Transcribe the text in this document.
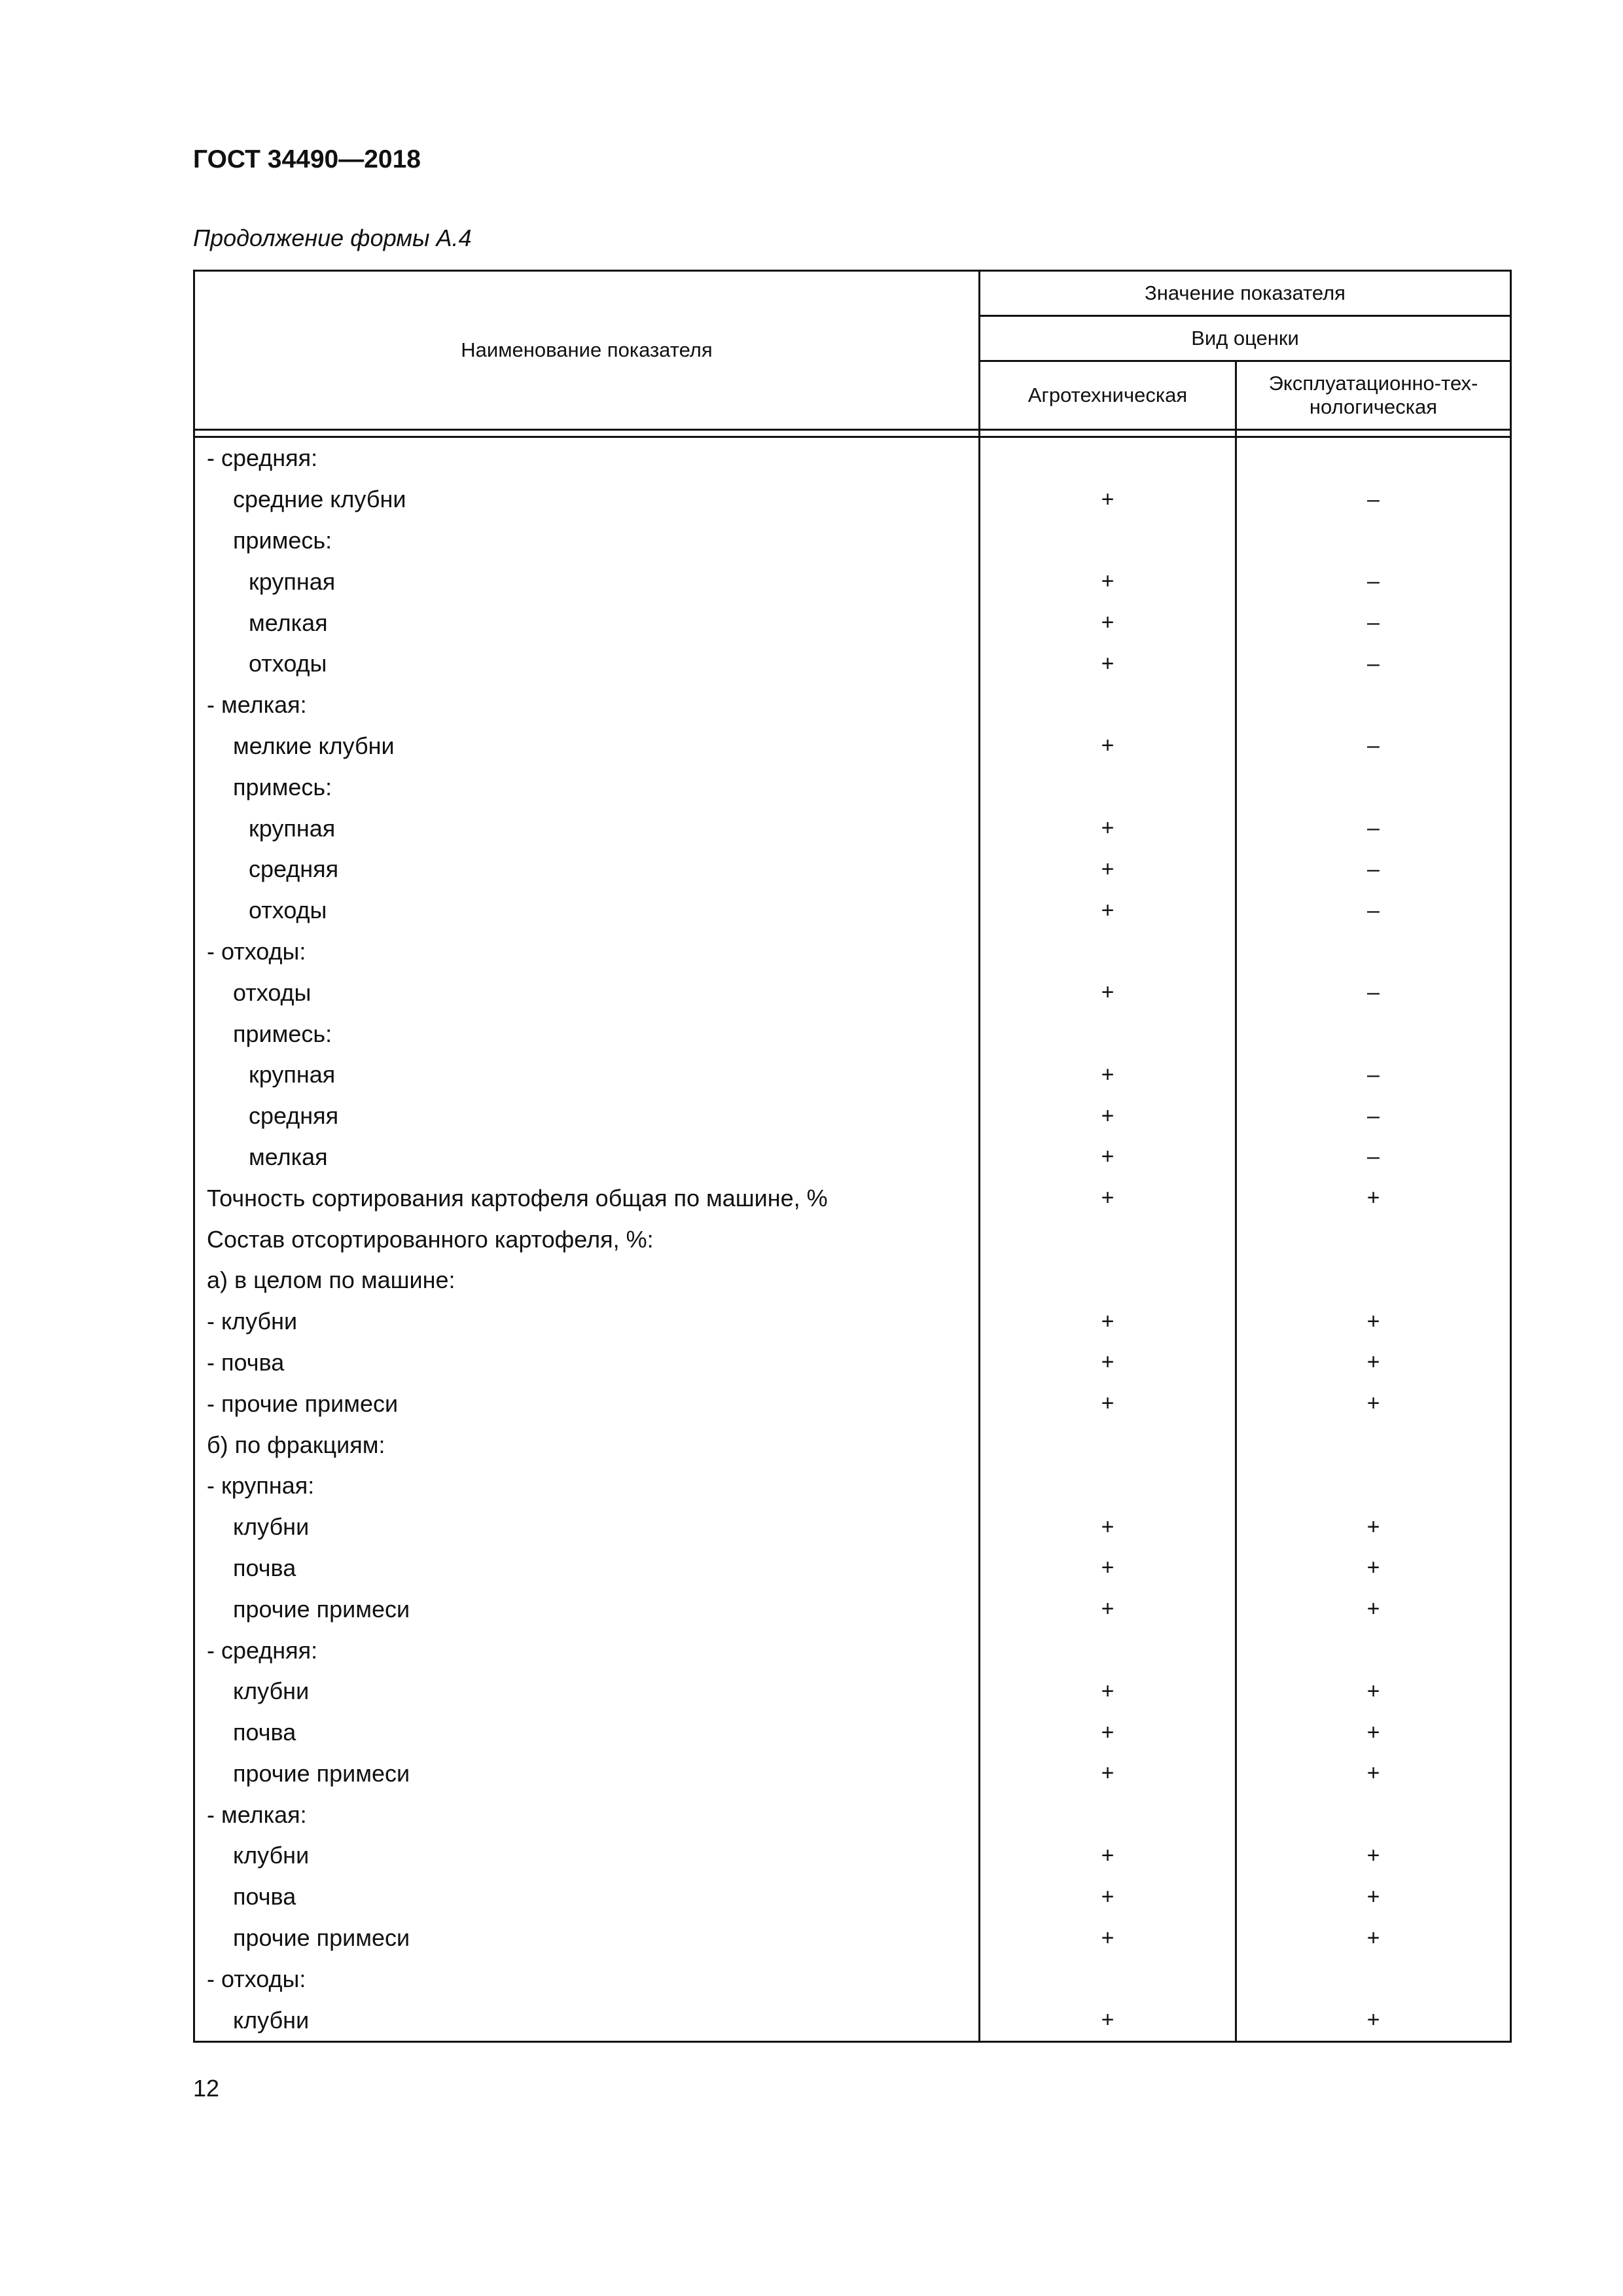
ГОСТ 34490—2018

Продолжение формы А.4

Наименование показателя	Значение показателя	
	Вид оценки	
	Агротехническая	Эксплуатационно-тех-
нологическая

- средняя:		
средние клубни	+	–
примесь:		
крупная	+	–
мелкая	+	–
отходы	+	–
- мелкая:		
мелкие клубни	+	–
примесь:		
крупная	+	–
средняя	+	–
отходы	+	–
- отходы:		
отходы	+	–
примесь:		
крупная	+	–
средняя	+	–
мелкая	+	–
Точность сортирования картофеля общая по машине, %	+	+
Состав отсортированного картофеля, %:		
а) в целом по машине:		
- клубни	+	+
- почва	+	+
- прочие примеси	+	+
б) по фракциям:		
- крупная:		
клубни	+	+
почва	+	+
прочие примеси	+	+
- средняя:		
клубни	+	+
почва	+	+
прочие примеси	+	+
- мелкая:		
клубни	+	+
почва	+	+
прочие примеси	+	+
- отходы:		
клубни	+	+

12
